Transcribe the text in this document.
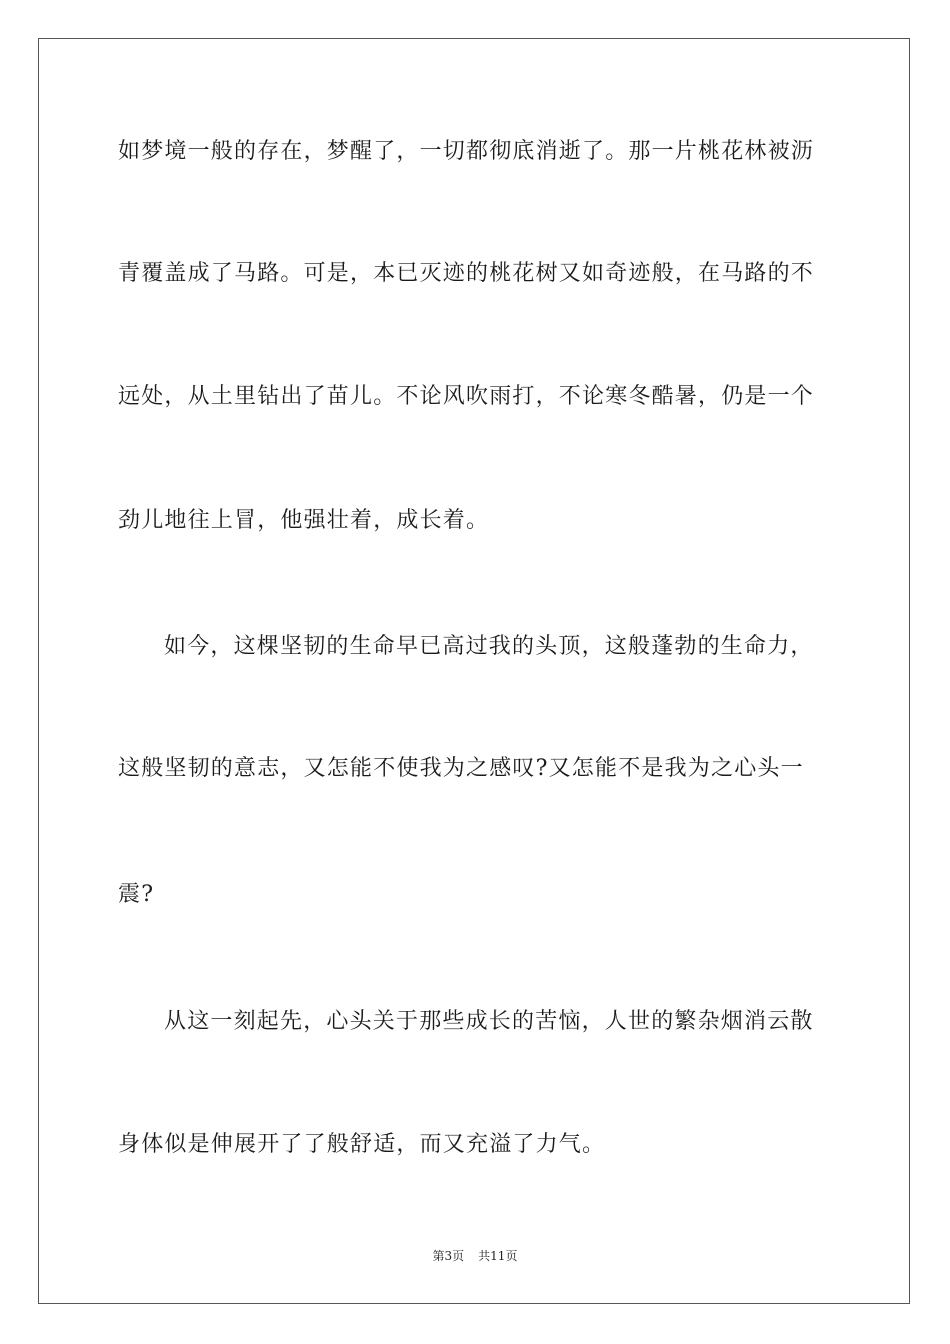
如梦境一般的存在，梦醒了，一切都彻底消逝了。那一片桃花林被沥
青覆盖成了马路。可是，本已灭迹的桃花树又如奇迹般，在马路的不
远处，从土里钻出了苗儿。不论风吹雨打，不论寒冬酷暑，仍是一个
劲儿地往上冒，他强壮着，成长着。
如今，这棵坚韧的生命早已高过我的头顶，这般蓬勃的生命力，
这般坚韧的意志，又怎能不使我为之感叹?又怎能不是我为之心头一
震?
从这一刻起先，心头关于那些成长的苦恼，人世的繁杂烟消云散
身体似是伸展开了了般舒适，而又充溢了力气。
第3页 共11页
